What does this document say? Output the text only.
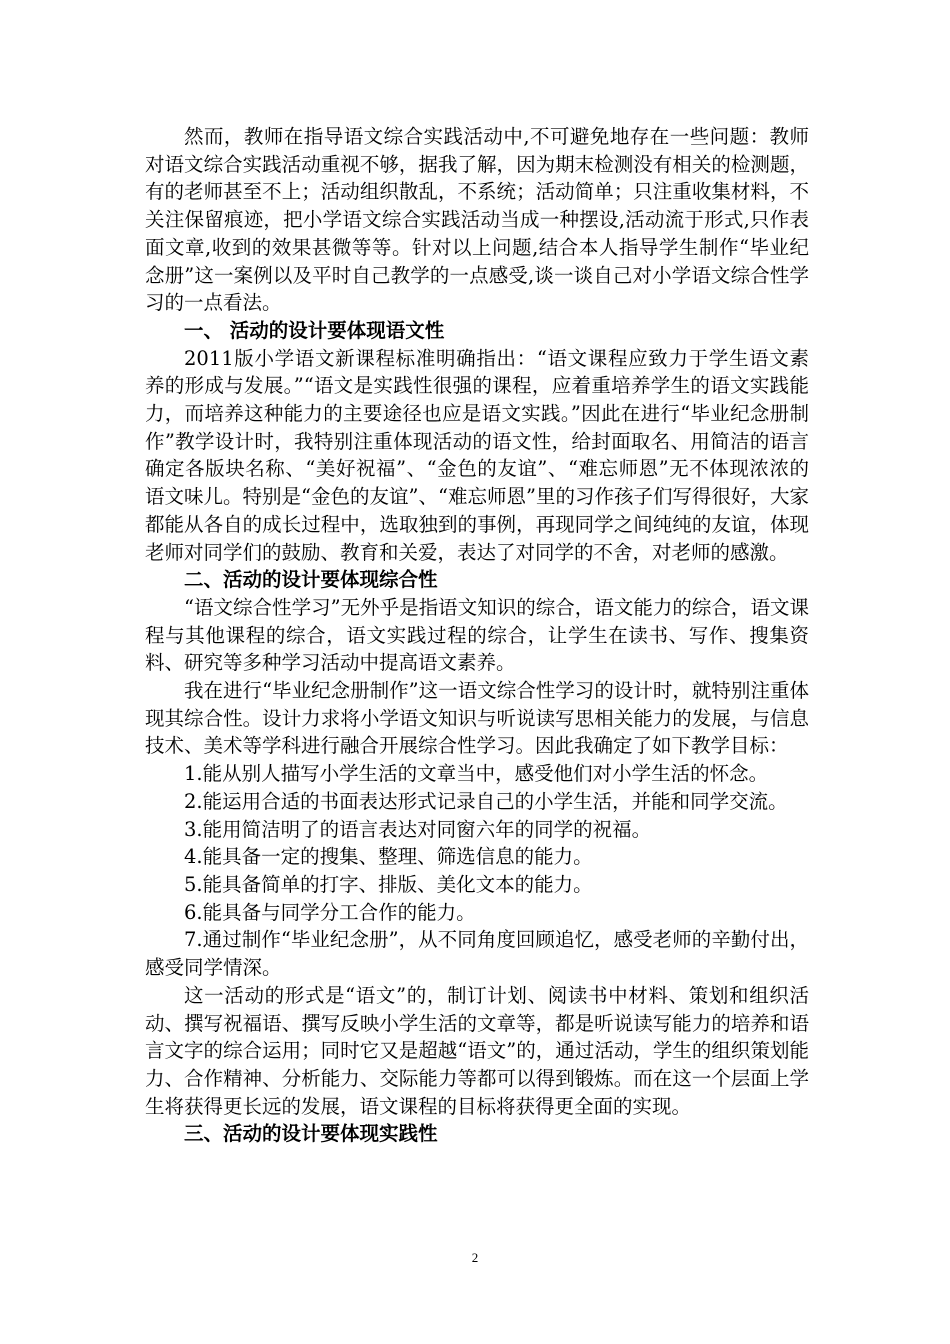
然而，教师在指导语文综合实践活动中,不可避免地存在一些问题：教师对语文综合实践活动重视不够，据我了解，因为期末检测没有相关的检测题，有的老师甚至不上；活动组织散乱，不系统；活动简单；只注重收集材料，不关注保留痕迹，把小学语文综合实践活动当成一种摆设,活动流于形式,只作表面文章,收到的效果甚微等等。针对以上问题,结合本人指导学生制作“毕业纪念册”这一案例以及平时自己教学的一点感受,谈一谈自己对小学语文综合性学习的一点看法。

一、 活动的设计要体现语文性

2011版小学语文新课程标准明确指出：“语文课程应致力于学生语文素养的形成与发展。”“语文是实践性很强的课程，应着重培养学生的语文实践能力，而培养这种能力的主要途径也应是语文实践。”因此在进行“毕业纪念册制作”教学设计时，我特别注重体现活动的语文性，给封面取名、用简洁的语言确定各版块名称、“美好祝福”、“金色的友谊”、“难忘师恩”无不体现浓浓的语文味儿。特别是“金色的友谊”、“难忘师恩”里的习作孩子们写得很好，大家都能从各自的成长过程中，选取独到的事例，再现同学之间纯纯的友谊，体现老师对同学们的鼓励、教育和关爱，表达了对同学的不舍，对老师的感激。

二、活动的设计要体现综合性

“语文综合性学习”无外乎是指语文知识的综合，语文能力的综合，语文课程与其他课程的综合，语文实践过程的综合，让学生在读书、写作、搜集资料、研究等多种学习活动中提高语文素养。

我在进行“毕业纪念册制作”这一语文综合性学习的设计时，就特别注重体现其综合性。设计力求将小学语文知识与听说读写思相关能力的发展，与信息技术、美术等学科进行融合开展综合性学习。因此我确定了如下教学目标：

1.能从别人描写小学生活的文章当中，感受他们对小学生活的怀念。

2.能运用合适的书面表达形式记录自己的小学生活，并能和同学交流。

3.能用简洁明了的语言表达对同窗六年的同学的祝福。

4.能具备一定的搜集、整理、筛选信息的能力。

5.能具备简单的打字、排版、美化文本的能力。

6.能具备与同学分工合作的能力。

7.通过制作“毕业纪念册”，从不同角度回顾追忆，感受老师的辛勤付出，感受同学情深。

这一活动的形式是“语文”的，制订计划、阅读书中材料、策划和组织活动、撰写祝福语、撰写反映小学生活的文章等，都是听说读写能力的培养和语言文字的综合运用；同时它又是超越“语文”的，通过活动，学生的组织策划能力、合作精神、分析能力、交际能力等都可以得到锻炼。而在这一个层面上学生将获得更长远的发展，语文课程的目标将获得更全面的实现。

三、活动的设计要体现实践性
2
